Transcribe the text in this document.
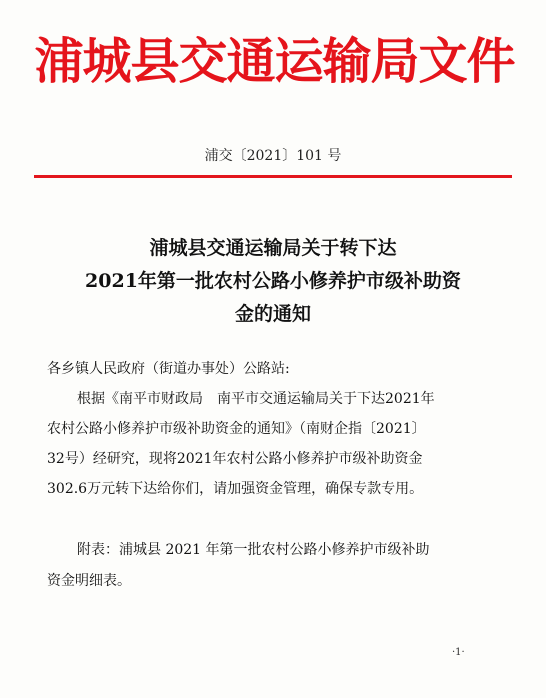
浦城县交通运输局文件
浦交〔2021〕101 号
浦城县交通运输局关于转下达
2021年第一批农村公路小修养护市级补助资
金的通知
各乡镇人民政府（街道办事处）公路站:
根据《南平市财政局　南平市交通运输局关于下达2021年
农村公路小修养护市级补助资金的通知》（南财企指〔2021〕
32号）经研究，现将2021年农村公路小修养护市级补助资金
302.6万元转下达给你们，请加强资金管理，确保专款专用。
附表：浦城县 2021 年第一批农村公路小修养护市级补助
资金明细表。
·1·
